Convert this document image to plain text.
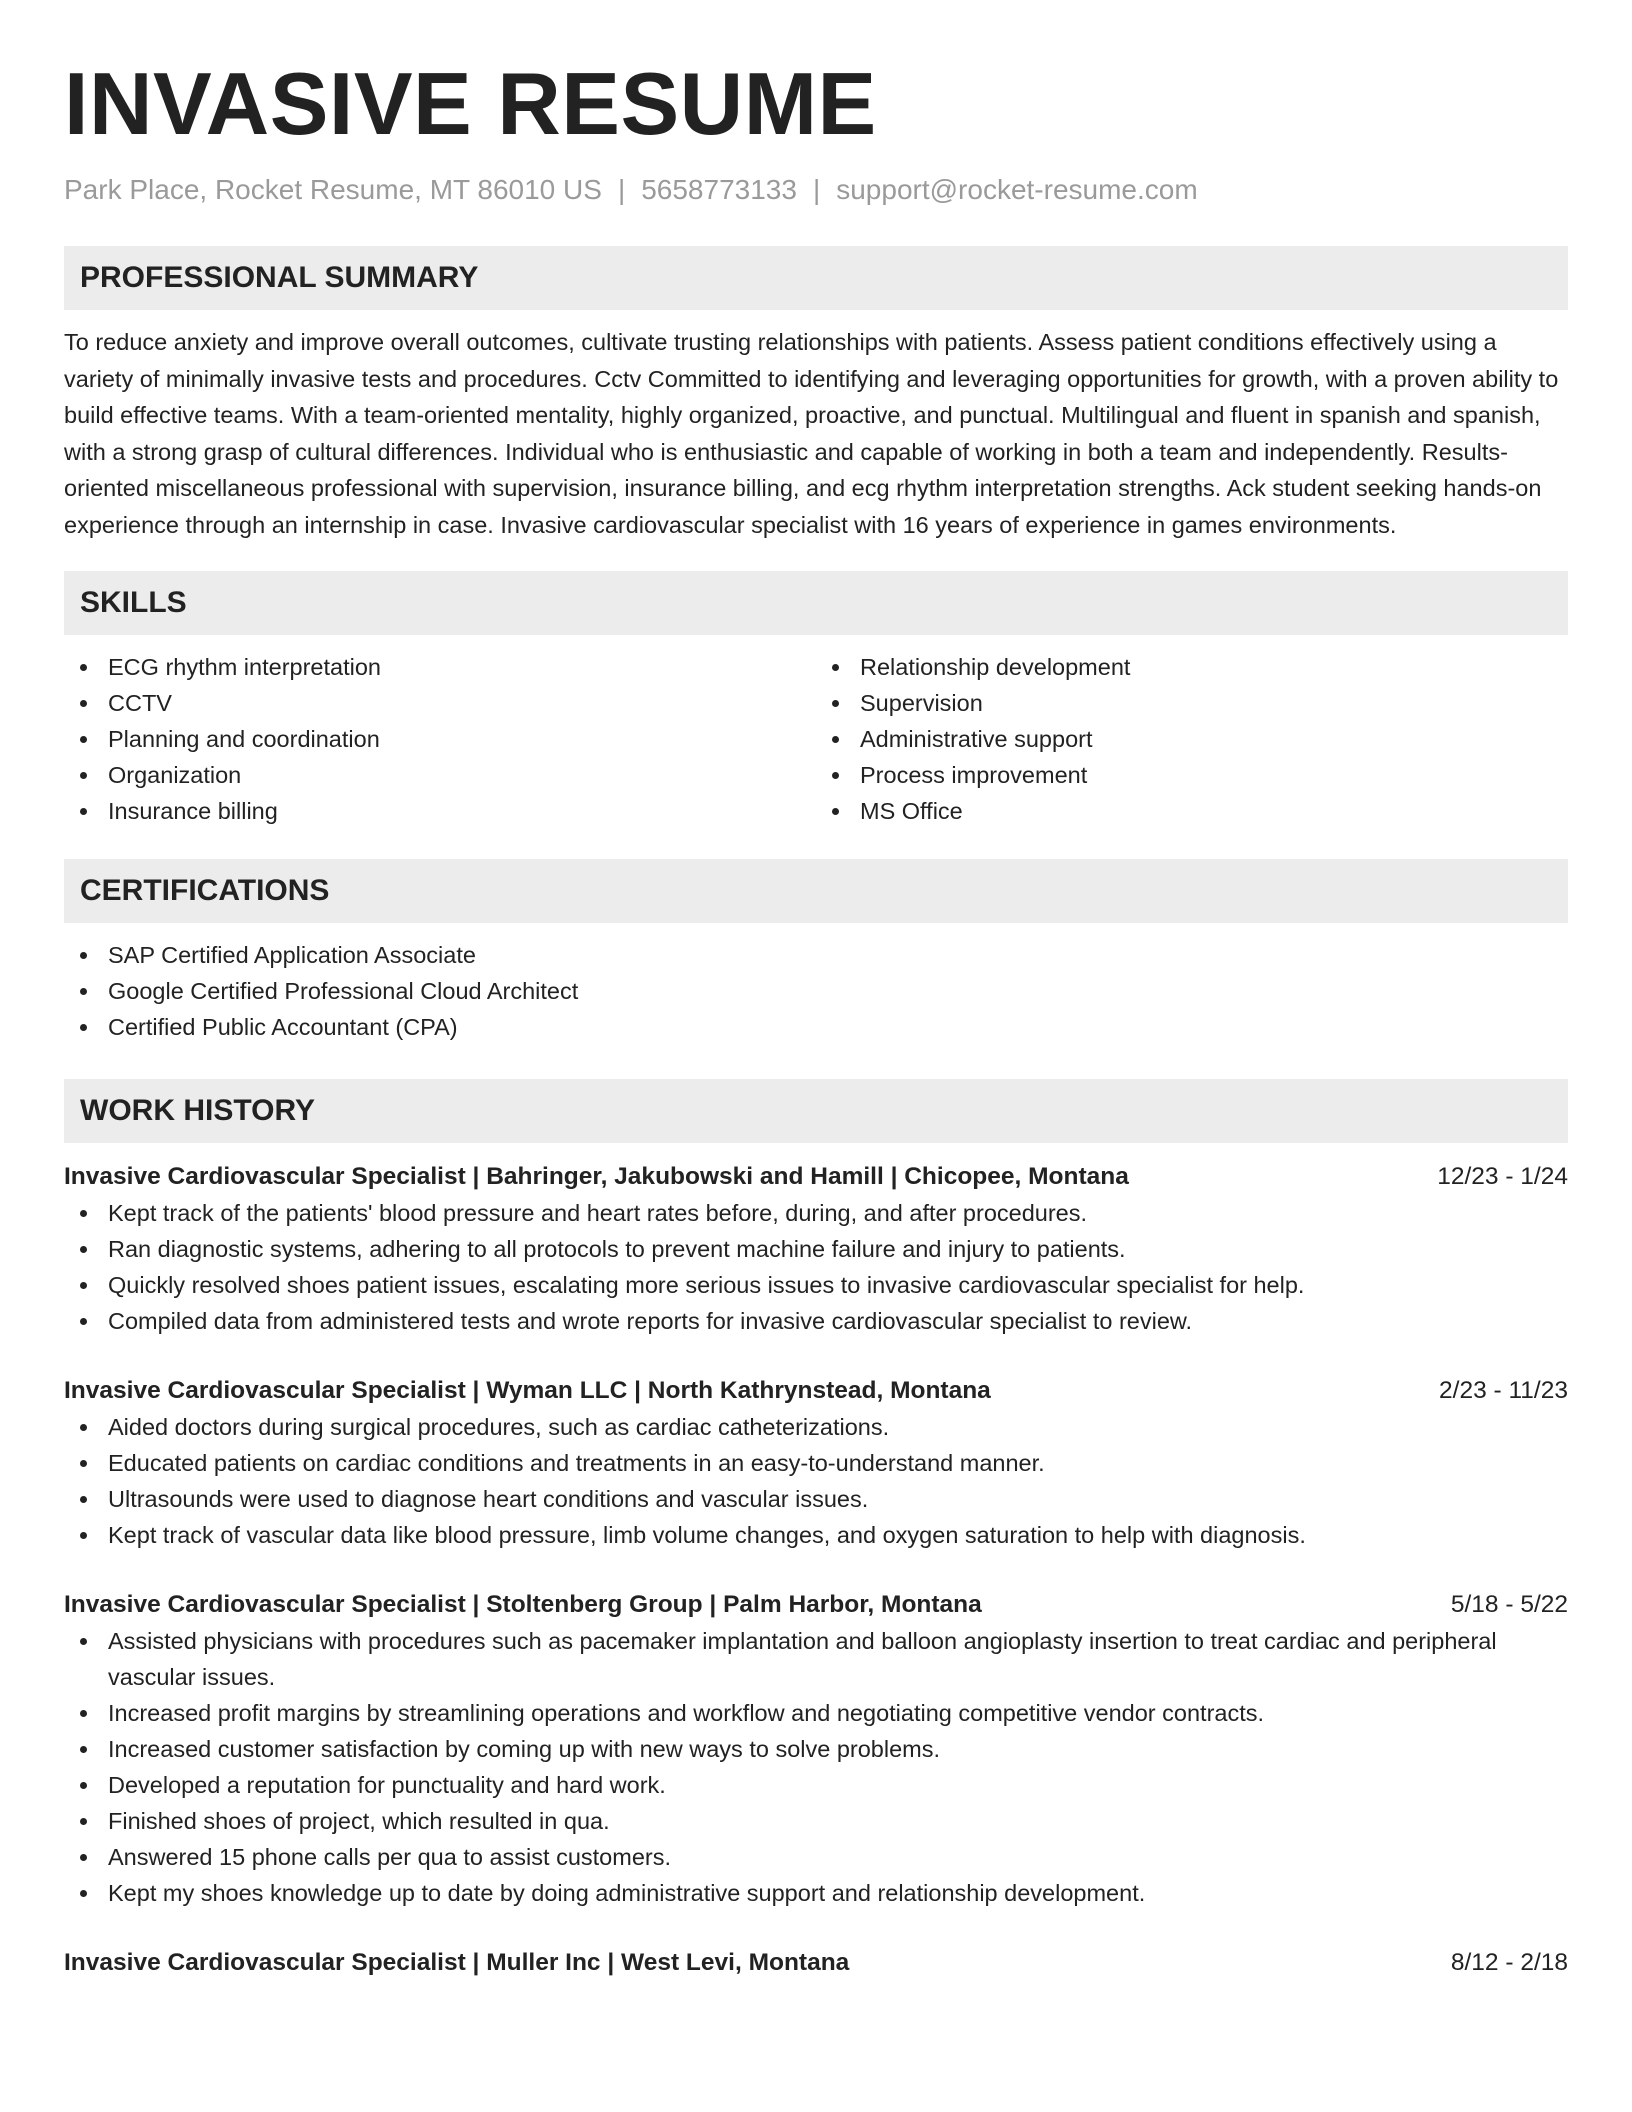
INVASIVE RESUME
Park Place, Rocket Resume, MT 86010 US | 5658773133 | support@rocket-resume.com
PROFESSIONAL SUMMARY

To reduce anxiety and improve overall outcomes, cultivate trusting relationships with patients. Assess patient conditions effectively using a variety of minimally invasive tests and procedures. Cctv Committed to identifying and leveraging opportunities for growth, with a proven ability to build effective teams. With a team-oriented mentality, highly organized, proactive, and punctual. Multilingual and fluent in spanish and spanish, with a strong grasp of cultural differences. Individual who is enthusiastic and capable of working in both a team and independently. Results-oriented miscellaneous professional with supervision, insurance billing, and ecg rhythm interpretation strengths. Ack student seeking hands-on experience through an internship in case. Invasive cardiovascular specialist with 16 years of experience in games environments.

SKILLS
ECG rhythm interpretation
CCTV
Planning and coordination
Organization
Insurance billing
Relationship development
Supervision
Administrative support
Process improvement
MS Office
CERTIFICATIONS
SAP Certified Application Associate
Google Certified Professional Cloud Architect
Certified Public Accountant (CPA)
WORK HISTORY
Invasive Cardiovascular Specialist | Bahringer, Jakubowski and Hamill | Chicopee, Montana	12/23 - 1/24
Kept track of the patients' blood pressure and heart rates before, during, and after procedures.
Ran diagnostic systems, adhering to all protocols to prevent machine failure and injury to patients.
Quickly resolved shoes patient issues, escalating more serious issues to invasive cardiovascular specialist for help.
Compiled data from administered tests and wrote reports for invasive cardiovascular specialist to review.
Invasive Cardiovascular Specialist | Wyman LLC | North Kathrynstead, Montana	2/23 - 11/23
Aided doctors during surgical procedures, such as cardiac catheterizations.
Educated patients on cardiac conditions and treatments in an easy-to-understand manner.
Ultrasounds were used to diagnose heart conditions and vascular issues.
Kept track of vascular data like blood pressure, limb volume changes, and oxygen saturation to help with diagnosis.
Invasive Cardiovascular Specialist | Stoltenberg Group | Palm Harbor, Montana	5/18 - 5/22
Assisted physicians with procedures such as pacemaker implantation and balloon angioplasty insertion to treat cardiac and peripheral vascular issues.
Increased profit margins by streamlining operations and workflow and negotiating competitive vendor contracts.
Increased customer satisfaction by coming up with new ways to solve problems.
Developed a reputation for punctuality and hard work.
Finished shoes of project, which resulted in qua.
Answered 15 phone calls per qua to assist customers.
Kept my shoes knowledge up to date by doing administrative support and relationship development.
Invasive Cardiovascular Specialist | Muller Inc | West Levi, Montana	8/12 - 2/18
